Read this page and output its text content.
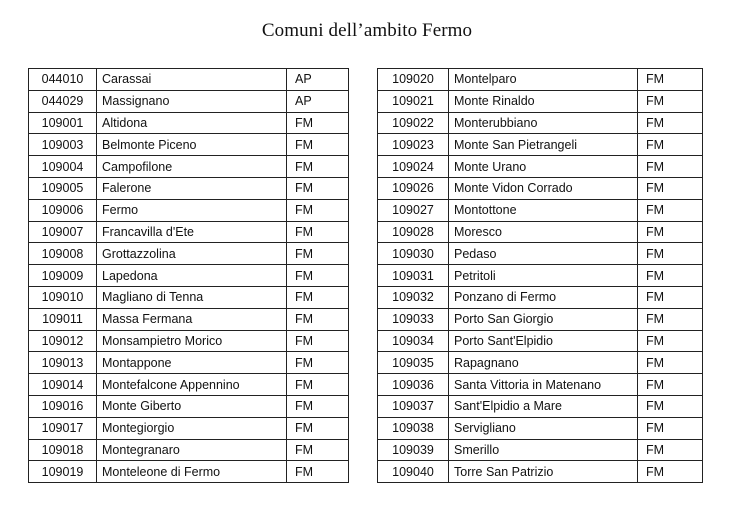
Comuni dell’ambito Fermo
044010	Carassai	AP
044029	Massignano	AP
109001	Altidona	FM
109003	Belmonte Piceno	FM
109004	Campofilone	FM
109005	Falerone	FM
109006	Fermo	FM
109007	Francavilla d'Ete	FM
109008	Grottazzolina	FM
109009	Lapedona	FM
109010	Magliano di Tenna	FM
109011	Massa Fermana	FM
109012	Monsampietro Morico	FM
109013	Montappone	FM
109014	Montefalcone Appennino	FM
109016	Monte Giberto	FM
109017	Montegiorgio	FM
109018	Montegranaro	FM
109019	Monteleone di Fermo	FM
109020	Montelparo	FM
109021	Monte Rinaldo	FM
109022	Monterubbiano	FM
109023	Monte San Pietrangeli	FM
109024	Monte Urano	FM
109026	Monte Vidon Corrado	FM
109027	Montottone	FM
109028	Moresco	FM
109030	Pedaso	FM
109031	Petritoli	FM
109032	Ponzano di Fermo	FM
109033	Porto San Giorgio	FM
109034	Porto Sant'Elpidio	FM
109035	Rapagnano	FM
109036	Santa Vittoria in Matenano	FM
109037	Sant'Elpidio a Mare	FM
109038	Servigliano	FM
109039	Smerillo	FM
109040	Torre San Patrizio	FM
